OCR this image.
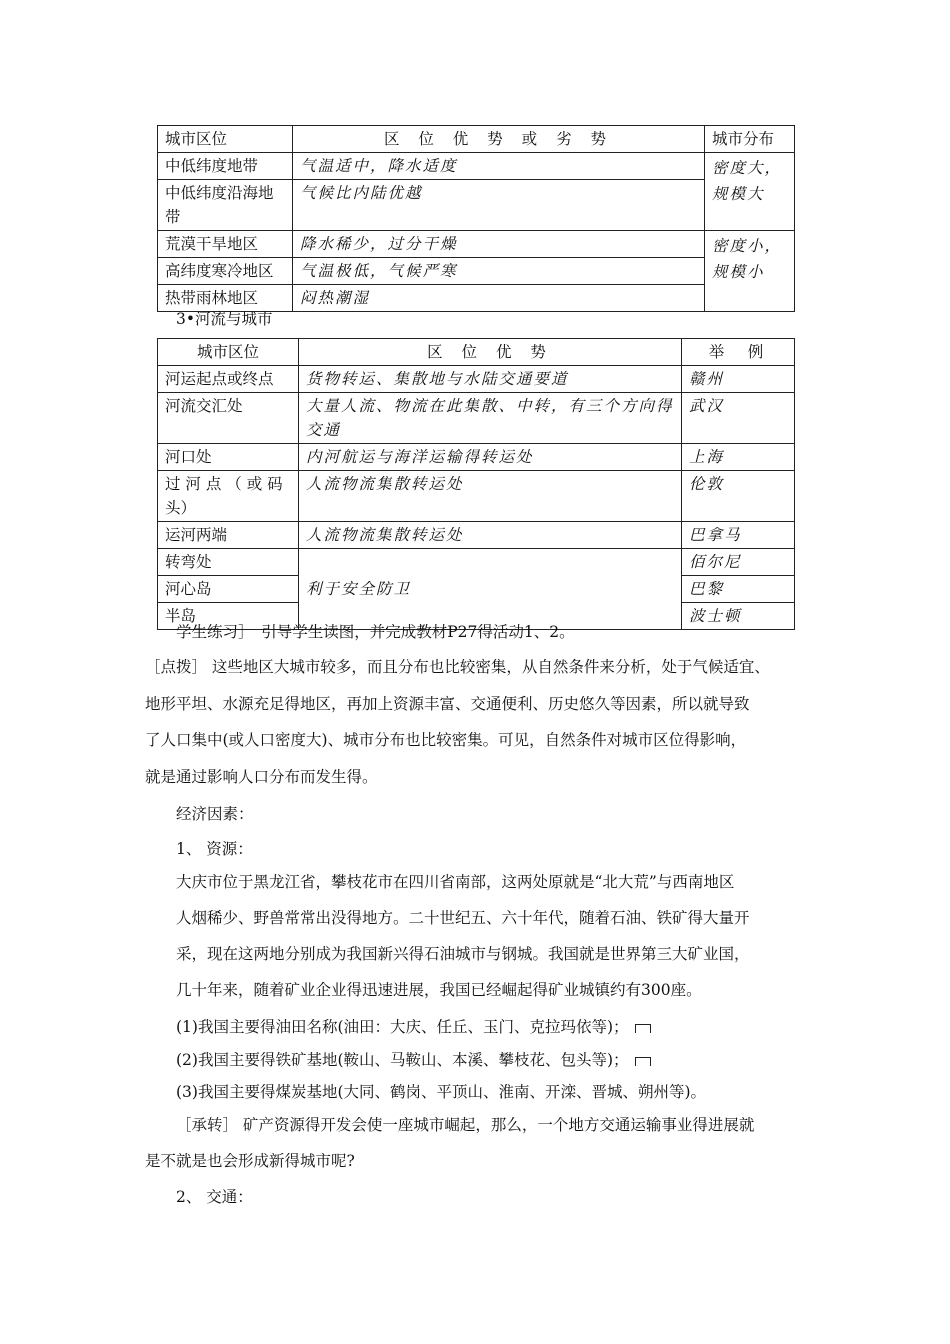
城市区位	区 位 优 势 或 劣 势	城市分布
中低纬度地带	气温适中，降水适度	密度大，规模大
中低纬度沿海地带	气候比内陆优越	
荒漠干旱地区	降水稀少，过分干燥	密度小，规模小
高纬度寒冷地区	气温极低，气候严寒	
热带雨林地区	闷热潮湿	
3•河流与城市
城市区位	区 位 优 势	举　例
河运起点或终点	货物转运、集散地与水陆交通要道	赣州
河流交汇处	大量人流、物流在此集散、中转，有三个方向得交通	武汉
河口处	内河航运与海洋运输得转运处	上海
过 河 点 （ 或 码 头）	人流物流集散转运处	伦敦
运河两端	人流物流集散转运处	巴拿马
转弯处	利于安全防卫	佰尔尼
河心岛		巴黎
半岛		波士顿
学生练习］　引导学生读图，并完成教材P27得活动1、2。
［点拨］ 这些地区大城市较多，而且分布也比较密集，从自然条件来分析，处于气候适宜、
地形平坦、水源充足得地区，再加上资源丰富、交通便利、历史悠久等因素，所以就导致
了人口集中(或人口密度大)、城市分布也比较密集。可见，自然条件对城市区位得影响，
就是通过影响人口分布而发生得。
经济因素：
1、 资源：
大庆市位于黑龙江省，攀枝花市在四川省南部，这两处原就是“北大荒”与西南地区
人烟稀少、野兽常常出没得地方。二十世纪五、六十年代，随着石油、铁矿得大量开
采，现在这两地分别成为我国新兴得石油城市与钢城。我国就是世界第三大矿业国，
几十年来，随着矿业企业得迅速进展，我国已经崛起得矿业城镇约有300座。
(1)我国主要得油田名称(油田：大庆、任丘、玉门、克拉玛依等)；
(2)我国主要得铁矿基地(鞍山、马鞍山、本溪、攀枝花、包头等)；
(3)我国主要得煤炭基地(大同、鹤岗、平顶山、淮南、开滦、晋城、朔州等)。
［承转］ 矿产资源得开发会使一座城市崛起，那么，一个地方交通运输事业得进展就
是不就是也会形成新得城市呢?
2、 交通：
